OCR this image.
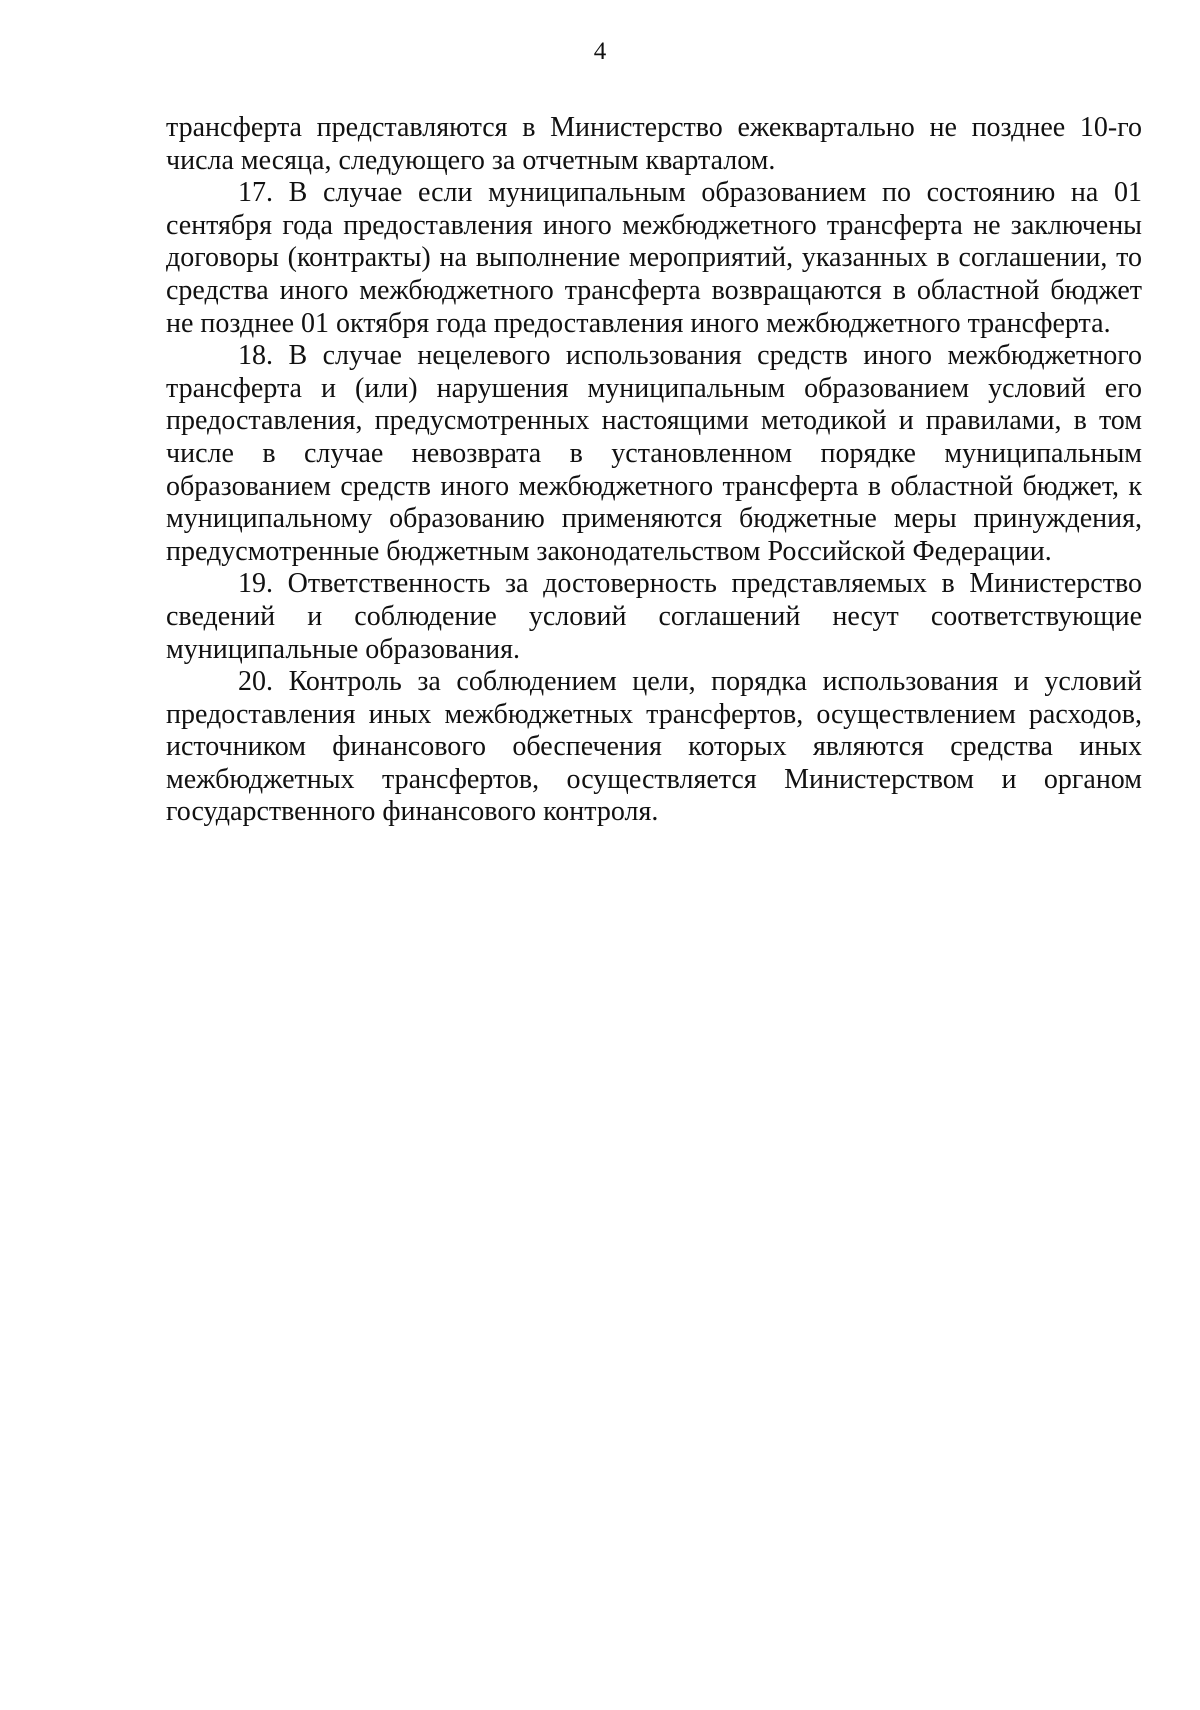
4

трансферта представляются в Министерство ежеквартально не позднее 10-го числа месяца, следующего за отчетным кварталом.

17. В случае если муниципальным образованием по состоянию на 01 сентября года предоставления иного межбюджетного трансферта не заключены договоры (контракты) на выполнение мероприятий, указанных в соглашении, то средства иного межбюджетного трансферта возвращаются в областной бюджет не позднее 01 октября года предоставления иного межбюджетного трансферта.

18. В случае нецелевого использования средств иного межбюджетного трансферта и (или) нарушения муниципальным образованием условий его предоставления, предусмотренных настоящими методикой и правилами, в том числе в случае невозврата в установленном порядке муниципальным образованием средств иного межбюджетного трансферта в областной бюджет, к муниципальному образованию применяются бюджетные меры принуждения, предусмотренные бюджетным законодательством Российской Федерации.

19. Ответственность за достоверность представляемых в Министерство сведений и соблюдение условий соглашений несут соответствующие муниципальные образования.

20. Контроль за соблюдением цели, порядка использования и условий предоставления иных межбюджетных трансфертов, осуществлением расходов, источником финансового обеспечения которых являются средства иных межбюджетных трансфертов, осуществляется Министерством и органом государственного финансового контроля.
